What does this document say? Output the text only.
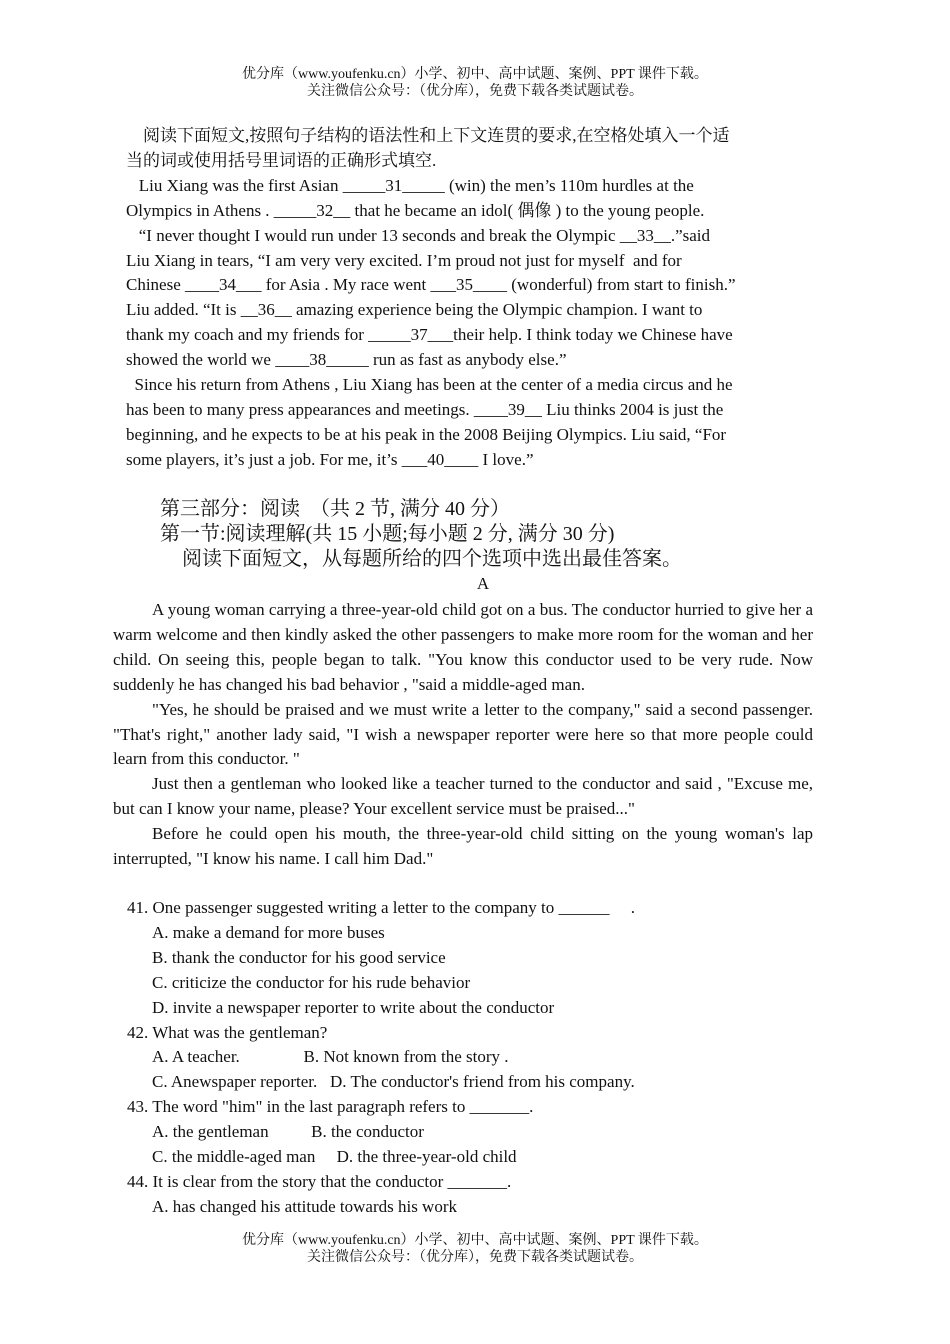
优分库（www.youfenku.cn）小学、初中、高中试题、案例、PPT 课件下载。
关注微信公众号：（优分库），免费下载各类试题试卷。

阅读下面短文,按照句子结构的语法性和上下文连贯的要求,在空格处填入一个适

当的词或使用括号里词语的正确形式填空.

Liu Xiang was the first Asian _____31_____ (win) the men’s 110m hurdles at the

Olympics in Athens . _____32__ that he became an idol( 偶像 ) to the young people.

“I never thought I would run under 13 seconds and break the Olympic __33__.”said

Liu Xiang in tears, “I am very very excited. I’m proud not just for myself  and for

Chinese ____34___ for Asia . My race went ___35____ (wonderful) from start to finish.”

Liu added. “It is __36__ amazing experience being the Olympic champion. I want to

thank my coach and my friends for _____37___their help. I think today we Chinese have

showed the world we ____38_____ run as fast as anybody else.”

Since his return from Athens , Liu Xiang has been at the center of a media circus and he

has been to many press appearances and meetings. ____39__ Liu thinks 2004 is just the

beginning, and he expects to be at his peak in the 2008 Beijing Olympics. Liu said, “For

some players, it’s just a job. For me, it’s ___40____ I love.”

第三部分：阅读  （共 2 节, 满分 40 分）

第一节:阅读理解(共 15 小题;每小题 2 分, 满分 30 分)

阅读下面短文，从每题所给的四个选项中选出最佳答案。

A

A young woman carrying a three-year-old child got on a bus. The conductor hurried to give her a warm welcome and then kindly asked the other passengers to make more room for the woman and her child. On seeing this, people began to talk. "You know this conductor used to be very rude. Now suddenly he has changed his bad behavior , "said a middle-aged man.

"Yes, he should be praised and we must write a letter to the company," said a second passenger. "That's right," another lady said, "I wish a newspaper reporter were here so that more people could learn from this conductor. "

Just then a gentleman who looked like a teacher turned to the conductor and said , "Excuse me, but can I know your name, please? Your excellent service must be praised..."

Before he could open his mouth, the three-year-old child sitting on the young woman's lap interrupted, "I know his name. I call him Dad."

41. One passenger suggested writing a letter to the company to ______     .

A. make a demand for more buses

B. thank the conductor for his good service

C. criticize the conductor for his rude behavior

D. invite a newspaper reporter to write about the conductor

42. What was the gentleman?

A. A teacher.               B. Not known from the story .

C. Anewspaper reporter.   D. The conductor's friend from his company.

43. The word "him" in the last paragraph refers to _______.

A. the gentleman          B. the conductor

C. the middle-aged man     D. the three-year-old child

44. It is clear from the story that the conductor _______.

A. has changed his attitude towards his work

优分库（www.youfenku.cn）小学、初中、高中试题、案例、PPT 课件下载。
关注微信公众号：（优分库），免费下载各类试题试卷。
